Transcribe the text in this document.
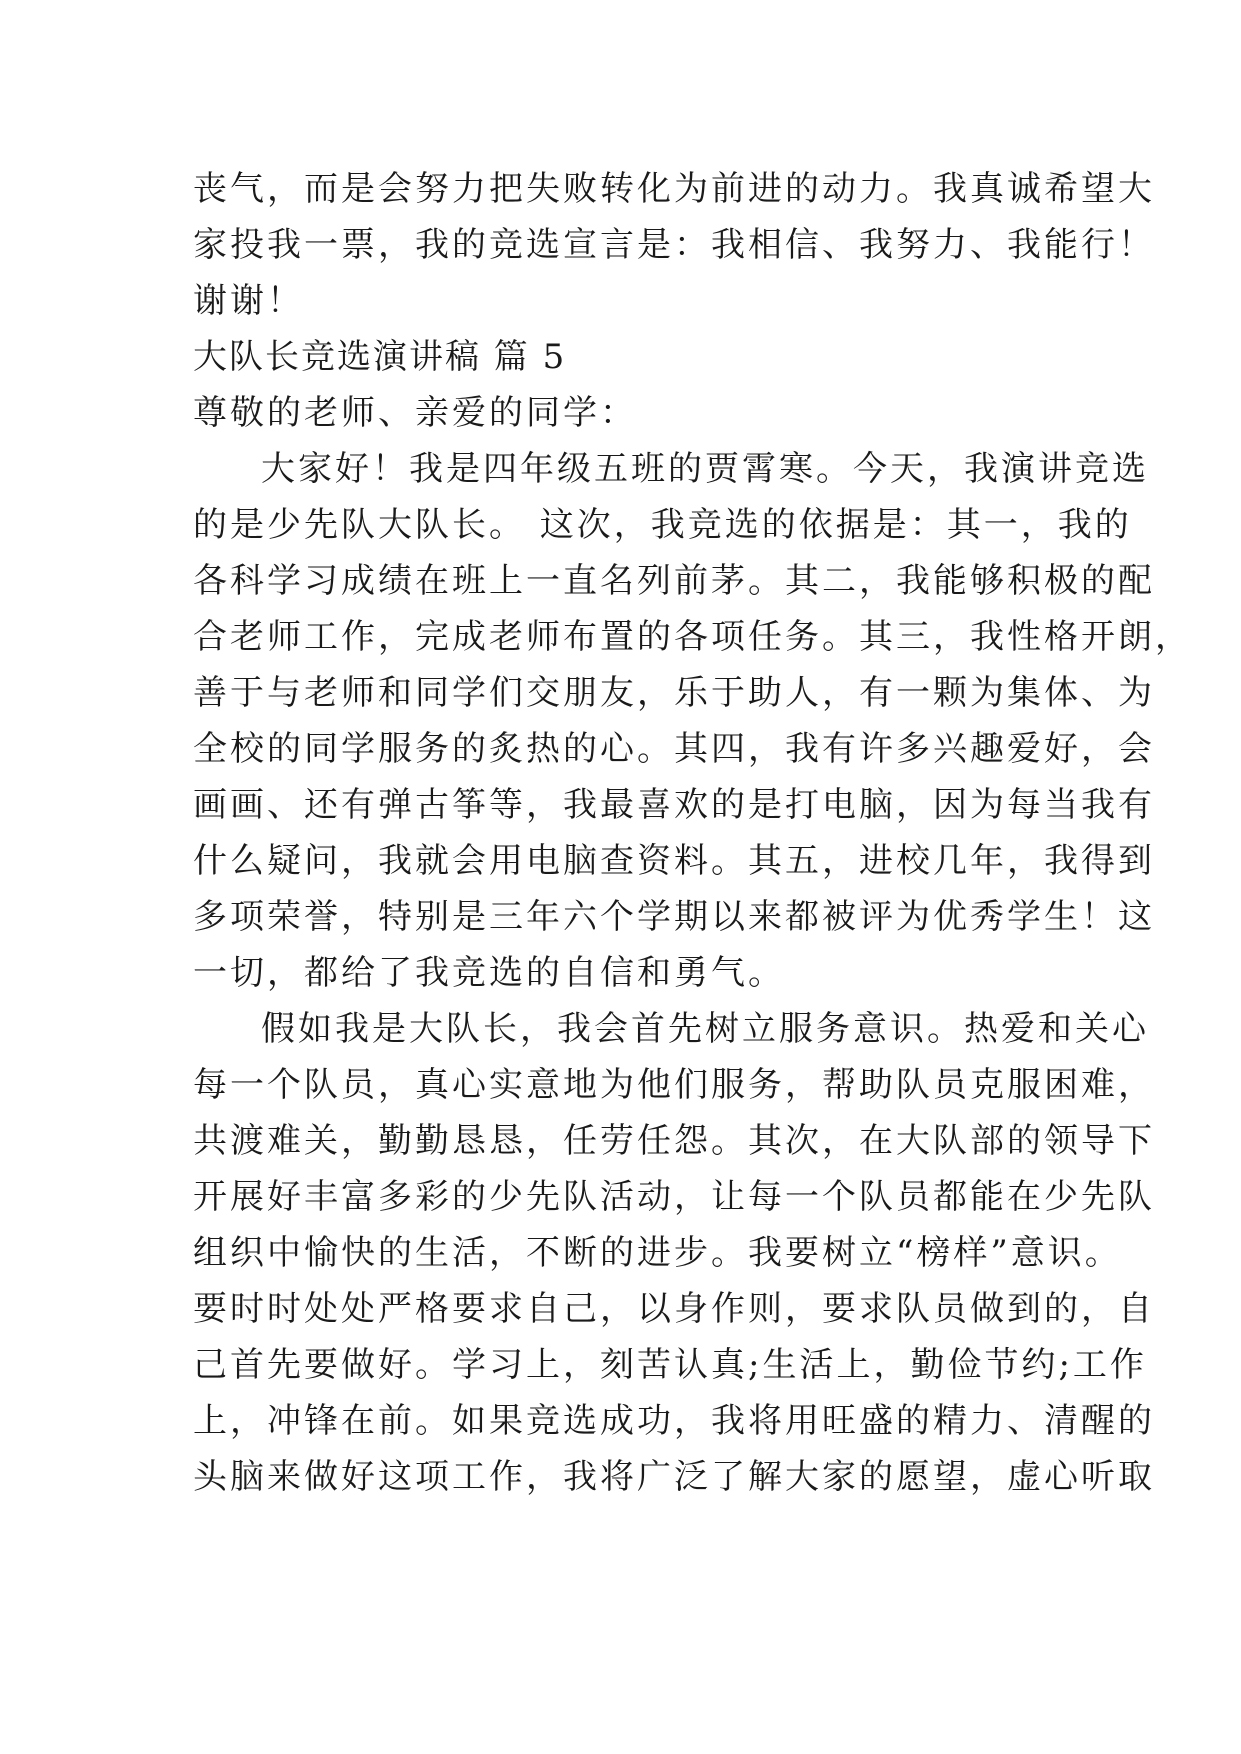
丧气，而是会努力把失败转化为前进的动力。我真诚希望大
家投我一票，我的竞选宣言是：我相信、我努力、我能行！
谢谢！
大队长竞选演讲稿 篇 5
尊敬的老师、亲爱的同学：
大家好！我是四年级五班的贾霄寒。今天，我演讲竞选
的是少先队大队长。 这次，我竞选的依据是：其一，我的
各科学习成绩在班上一直名列前茅。其二，我能够积极的配
合老师工作，完成老师布置的各项任务。其三，我性格开朗，
善于与老师和同学们交朋友，乐于助人，有一颗为集体、为
全校的同学服务的炙热的心。其四，我有许多兴趣爱好，会
画画、还有弹古筝等，我最喜欢的是打电脑，因为每当我有
什么疑问，我就会用电脑查资料。其五，进校几年，我得到
多项荣誉，特别是三年六个学期以来都被评为优秀学生！这
一切，都给了我竞选的自信和勇气。
假如我是大队长，我会首先树立服务意识。热爱和关心
每一个队员，真心实意地为他们服务，帮助队员克服困难，
共渡难关，勤勤恳恳，任劳任怨。其次，在大队部的领导下
开展好丰富多彩的少先队活动，让每一个队员都能在少先队
组织中愉快的生活，不断的进步。我要树立“榜样”意识。
要时时处处严格要求自己，以身作则，要求队员做到的，自
己首先要做好。学习上，刻苦认真;生活上，勤俭节约;工作
上，冲锋在前。如果竞选成功，我将用旺盛的精力、清醒的
头脑来做好这项工作，我将广泛了解大家的愿望，虚心听取
